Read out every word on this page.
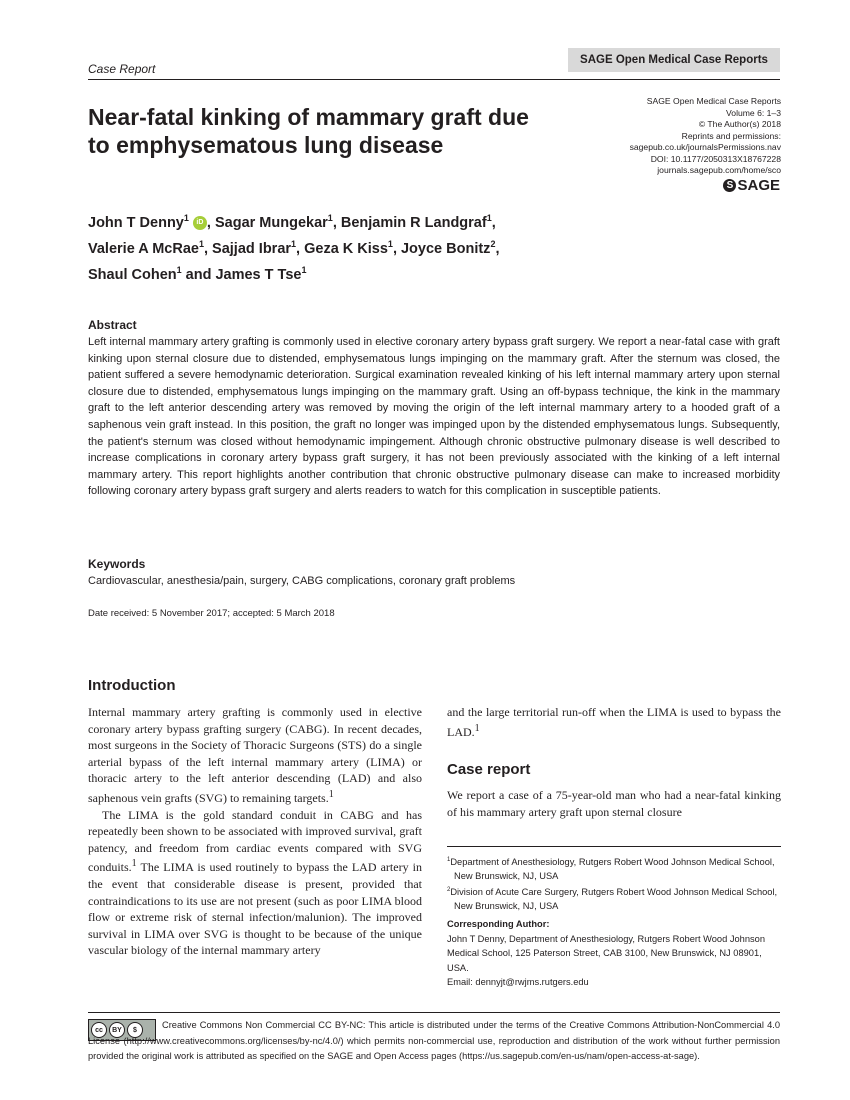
Case Report
SAGE Open Medical Case Reports
Near-fatal kinking of mammary graft due
to emphysematous lung disease
SAGE Open Medical Case Reports
Volume 6: 1–3
© The Author(s) 2018
Reprints and permissions:
sagepub.co.uk/journalsPermissions.nav
DOI: 10.1177/2050313X18767228
journals.sagepub.com/home/sco
S SAGE
John T Denny$^1$ iD , Sagar Mungekar$^1$, Benjamin R Landgraf$^1$,
Valerie A McRae$^1$, Sajjad Ibrar$^1$, Geza K Kiss$^1$, Joyce Bonitz$^2$,
Shaul Cohen$^1$ and James T Tse$^1$
Abstract
Left internal mammary artery grafting is commonly used in elective coronary artery bypass graft surgery. We report a near-fatal case with graft kinking upon sternal closure due to distended, emphysematous lungs impinging on the mammary graft. After the sternum was closed, the patient suffered a severe hemodynamic deterioration. Surgical examination revealed kinking of his left internal mammary artery upon sternal closure due to distended, emphysematous lungs impinging on the mammary graft. Using an off-bypass technique, the kink in the mammary graft to the left anterior descending artery was removed by moving the origin of the left internal mammary artery to a hooded graft of a saphenous vein graft instead. In this position, the graft no longer was impinged upon by the distended emphysematous lungs. Subsequently, the patient's sternum was closed without hemodynamic impingement. Although chronic obstructive pulmonary disease is well described to increase complications in coronary artery bypass graft surgery, it has not been previously associated with the kinking of a left internal mammary artery. This report highlights another contribution that chronic obstructive pulmonary disease can make to increased morbidity following coronary artery bypass graft surgery and alerts readers to watch for this complication in susceptible patients.
Keywords
Cardiovascular, anesthesia/pain, surgery, CABG complications, coronary graft problems
Date received: 5 November 2017; accepted: 5 March 2018
Introduction

Internal mammary artery grafting is commonly used in elective coronary artery bypass grafting surgery (CABG). In recent decades, most surgeons in the Society of Thoracic Surgeons (STS) do a single arterial bypass of the left internal mammary artery (LIMA) or thoracic artery to the left anterior descending (LAD) and also saphenous vein grafts (SVG) to remaining targets.$^1$

The LIMA is the gold standard conduit in CABG and has repeatedly been shown to be associated with improved survival, graft patency, and freedom from cardiac events compared with SVG conduits.$^1$ The LIMA is used routinely to bypass the LAD artery in the event that considerable disease is present, provided that contraindications to its use are not present (such as poor LIMA blood flow or extreme risk of sternal infection/malunion). The improved survival in LIMA over SVG is thought to be because of the unique vascular biology of the internal mammary artery

and the large territorial run-off when the LIMA is used to bypass the LAD.$^1$
Case report
We report a case of a 75-year-old man who had a near-fatal kinking of his mammary artery graft upon sternal closure
$^1$Department of Anesthesiology, Rutgers Robert Wood Johnson Medical School, New Brunswick, NJ, USA
$^2$Division of Acute Care Surgery, Rutgers Robert Wood Johnson Medical School, New Brunswick, NJ, USA
Corresponding Author:
John T Denny, Department of Anesthesiology, Rutgers Robert Wood Johnson Medical School, 125 Paterson Street, CAB 3100, New Brunswick, NJ 08901, USA.
Email: dennyjt@rwjms.rutgers.edu
cc	BY	$	Creative Commons Non Commercial CC BY-NC: This article is distributed under the terms of the Creative Commons Attribution-NonCommercial 4.0 License (http://www.creativecommons.org/licenses/by-nc/4.0/) which permits non-commercial use, reproduction and distribution of the work without further permission provided the original work is attributed as specified on the SAGE and Open Access pages (https://us.sagepub.com/en-us/nam/open-access-at-sage).
